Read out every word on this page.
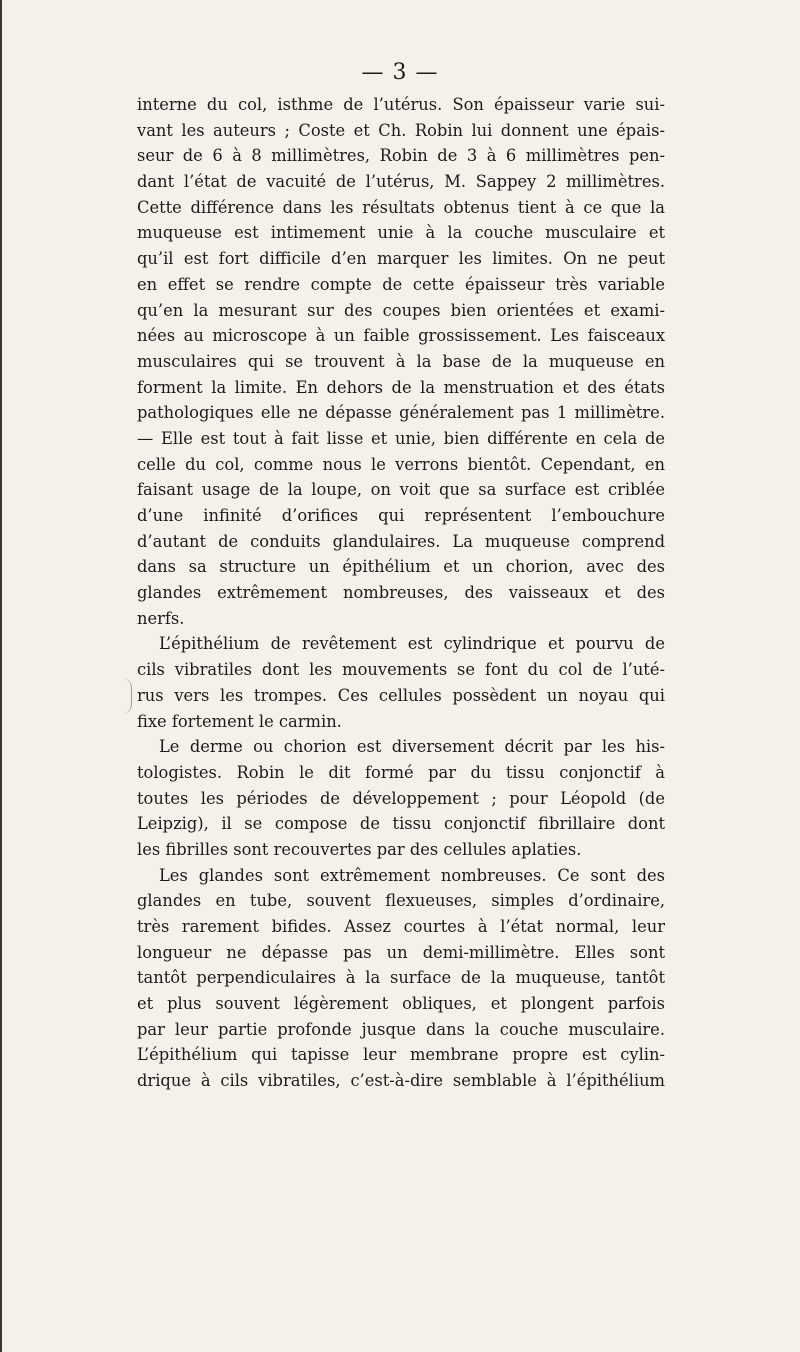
— 3 —
interne du col, isthme de l’utérus. Son épaisseur varie sui-
vant les auteurs ; Coste et Ch. Robin lui donnent une épais-
seur de 6 à 8 millimètres, Robin de 3 à 6 millimètres pen-
dant l’état de vacuité de l’utérus, M. Sappey 2 millimètres.
Cette différence dans les résultats obtenus tient à ce que la
muqueuse est intimement unie à la couche musculaire et
qu’il est fort difficile d’en marquer les limites. On ne peut
en effet se rendre compte de cette épaisseur très variable
qu’en la mesurant sur des coupes bien orientées et exami-
nées au microscope à un faible grossissement. Les faisceaux
musculaires qui se trouvent à la base de la muqueuse en
forment la limite. En dehors de la menstruation et des états
pathologiques elle ne dépasse généralement pas 1 millimètre.
— Elle est tout à fait lisse et unie, bien différente en cela de
celle du col, comme nous le verrons bientôt. Cependant, en
faisant usage de la loupe, on voit que sa surface est criblée
d’une infinité d’orifices qui représentent l’embouchure
d’autant de conduits glandulaires. La muqueuse comprend
dans sa structure un épithélium et un chorion, avec des
glandes extrêmement nombreuses, des vaisseaux et des
nerfs.
L’épithélium de revêtement est cylindrique et pourvu de
cils vibratiles dont les mouvements se font du col de l’uté-
rus vers les trompes. Ces cellules possèdent un noyau qui
fixe fortement le carmin.
Le derme ou chorion est diversement décrit par les his-
tologistes. Robin le dit formé par du tissu conjonctif à
toutes les périodes de développement ; pour Léopold (de
Leipzig), il se compose de tissu conjonctif fibrillaire dont
les fibrilles sont recouvertes par des cellules aplaties.
Les glandes sont extrêmement nombreuses. Ce sont des
glandes en tube, souvent flexueuses, simples d’ordinaire,
très rarement bifides. Assez courtes à l’état normal, leur
longueur ne dépasse pas un demi-millimètre. Elles sont
tantôt perpendiculaires à la surface de la muqueuse, tantôt
et plus souvent légèrement obliques, et plongent parfois
par leur partie profonde jusque dans la couche musculaire.
L’épithélium qui tapisse leur membrane propre est cylin-
drique à cils vibratiles, c’est-à-dire semblable à l’épithélium
